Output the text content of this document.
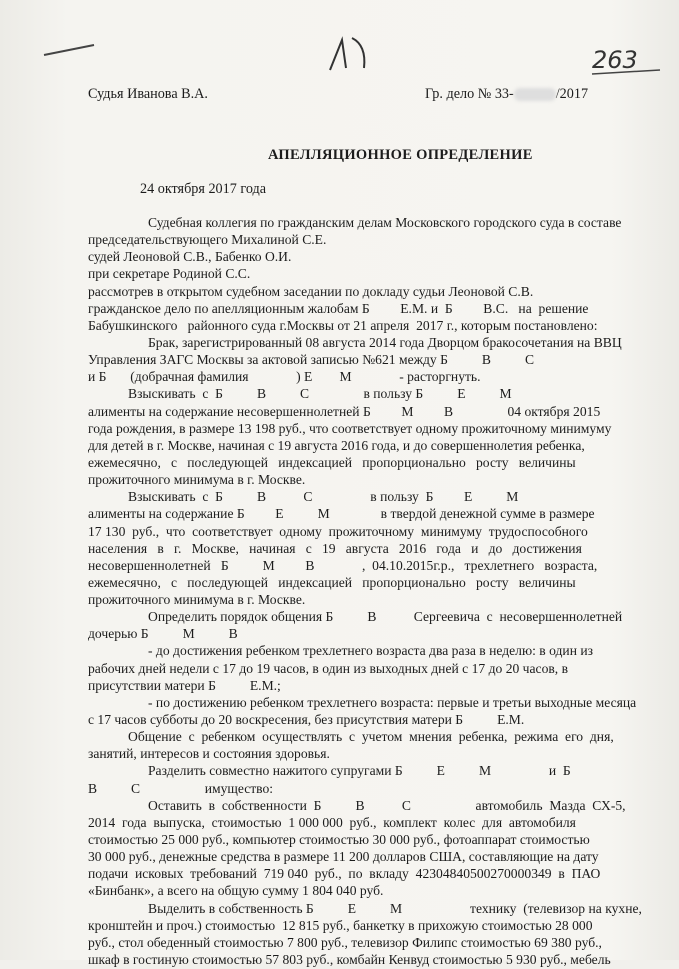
263
Судья Иванова В.А.	Гр. дело № 33-	/2017
АПЕЛЛЯЦИОННОЕ ОПРЕДЕЛЕНИЕ
24 октября 2017 года
Судебная коллегия по гражданским делам Московского городского суда в составе
председательствующего Михалиной С.Е.
судей Леоновой С.В., Бабенко О.И.
при секретаре Родиной С.С.
рассмотрев в открытом судебном заседании по докладу судьи Леоновой С.В.
гражданское дело по апелляционным жалобам Б         Е.М. и  Б         В.С.   на  решение
Бабушкинского   районного суда г.Москвы от 21 апреля  2017 г., которым постановлено:
Брак, зарегистрированный 08 августа 2014 года Дворцом бракосочетания на ВВЦ
Управления ЗАГС Москвы за актовой записью №621 между Б          В          С
и Б       (добрачная фамилия              ) Е        М              - расторгнуть.
Взыскивать  с  Б          В          С                в пользу Б          Е          М
алименты на содержание несовершеннолетней Б         М         В                04 октября 2015
года рождения, в размере 13 198 руб., что соответствует одному прожиточному минимуму
для детей в г. Москве, начиная с 19 августа 2016 года, и до совершеннолетия ребенка,
ежемесячно,   с   последующей   индексацией   пропорционально   росту   величины
прожиточного минимума в г. Москве.
Взыскивать  с  Б          В           С                 в пользу  Б         Е          М
алименты на содержание Б         Е          М               в твердой денежной сумме в размере
17 130  руб.,  что  соответствует  одному  прожиточному  минимуму  трудоспособного
населения   в   г.   Москве,   начиная   с   19   августа   2016   года   и   до   достижения
несовершеннолетней   Б          М         В              ,  04.10.2015г.р.,   трехлетнего   возраста,
ежемесячно,   с   последующей   индексацией   пропорционально   росту   величины
прожиточного минимума в г. Москве.
Определить порядок общения Б          В           Сергеевича  с  несовершеннолетней
дочерью Б          М          В
- до достижения ребенком трехлетнего возраста два раза в неделю: в один из
рабочих дней недели с 17 до 19 часов, в один из выходных дней с 17 до 20 часов, в
присутствии матери Б          Е.М.;
- по достижению ребенком трехлетнего возраста: первые и третьи выходные месяца
с 17 часов субботы до 20 воскресения, без присутствия матери Б          Е.М.
Общение  с  ребенком  осуществлять  с  учетом  мнения  ребенка,  режима  его  дня,
занятий, интересов и состояния здоровья.
Разделить совместно нажитого супругами Б          Е          М                 и  Б
В          С                   имущество:
Оставить  в  собственности  Б          В           С                   автомобиль  Мазда  СХ-5,
2014  года  выпуска,  стоимостью  1 000 000  руб.,  комплект  колес  для  автомобиля
стоимостью 25 000 руб., компьютер стоимостью 30 000 руб., фотоаппарат стоимостью
30 000 руб., денежные средства в размере 11 200 долларов США, составляющие на дату
подачи  исковых  требований  719 040  руб.,  по  вкладу  42304840500270000349  в  ПАО
«Бинбанк», а всего на общую сумму 1 804 040 руб.
Выделить в собственность Б          Е          М                    технику  (телевизор на кухне,
кронштейн и проч.) стоимостью  12 815 руб., банкетку в прихожую стоимостью 28 000
руб., стол обеденный стоимостью 7 800 руб., телевизор Филипс стоимостью 69 380 руб.,
шкаф в гостиную стоимостью 57 803 руб., комбайн Кенвуд стоимостью 5 930 руб., мебель
